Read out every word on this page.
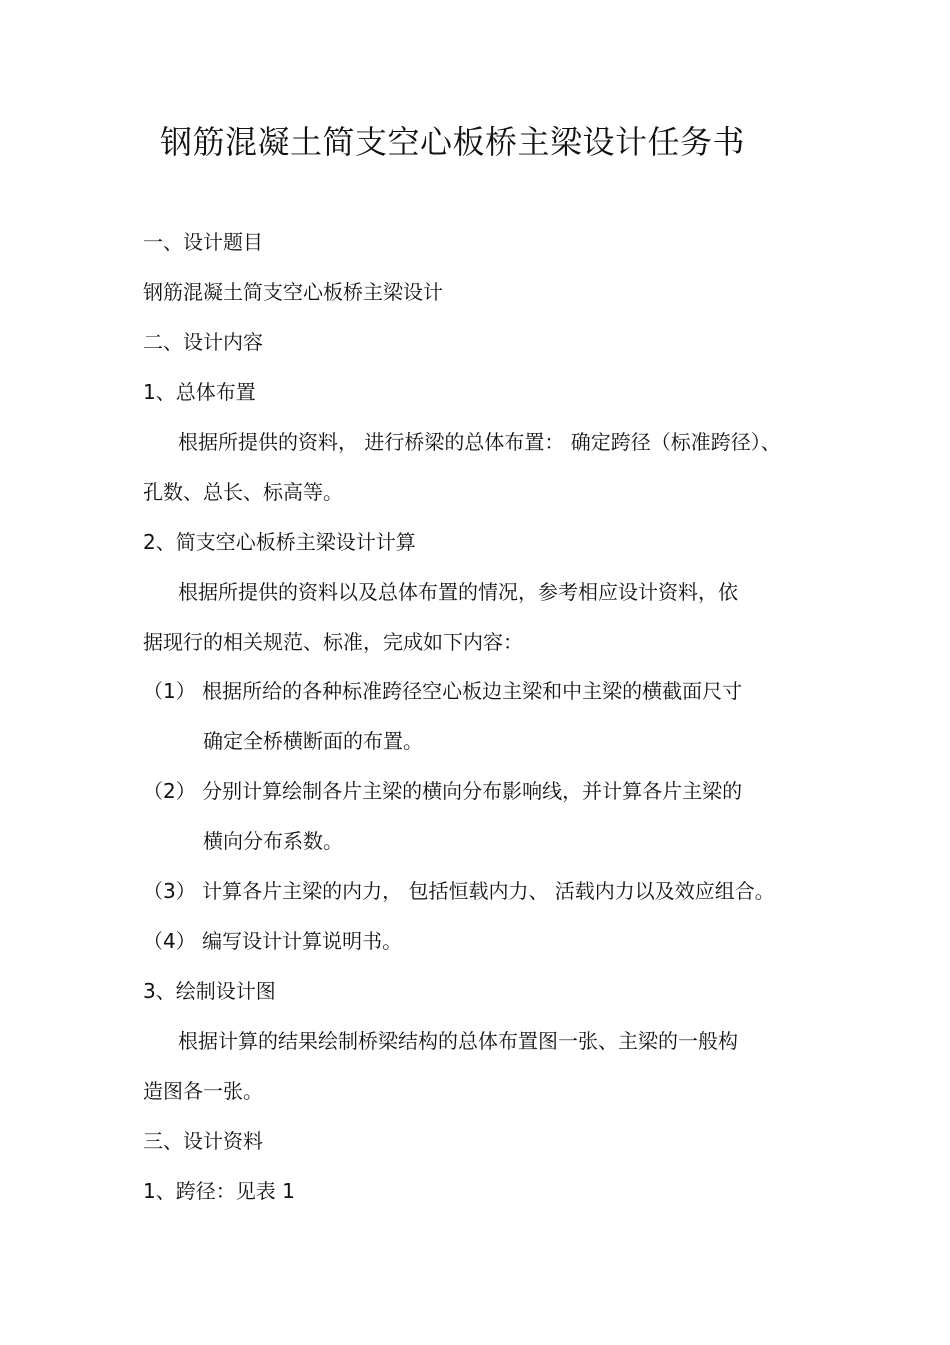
钢筋混凝土简支空心板桥主梁设计任务书
一、设计题目
钢筋混凝土简支空心板桥主梁设计
二、设计内容
1、总体布置
根据所提供的资料， 进行桥梁的总体布置： 确定跨径（标准跨径）、
孔数、总长、标高等。
2、简支空心板桥主梁设计计算
根据所提供的资料以及总体布置的情况，参考相应设计资料，依
据现行的相关规范、标准，完成如下内容：
（1） 根据所给的各种标准跨径空心板边主梁和中主梁的横截面尺寸
确定全桥横断面的布置。
（2） 分别计算绘制各片主梁的横向分布影响线，并计算各片主梁的
横向分布系数。
（3） 计算各片主梁的内力， 包括恒载内力、 活载内力以及效应组合。
（4） 编写设计计算说明书。
3、绘制设计图
根据计算的结果绘制桥梁结构的总体布置图一张、主梁的一般构
造图各一张。
三、设计资料
1、跨径：见表 1
